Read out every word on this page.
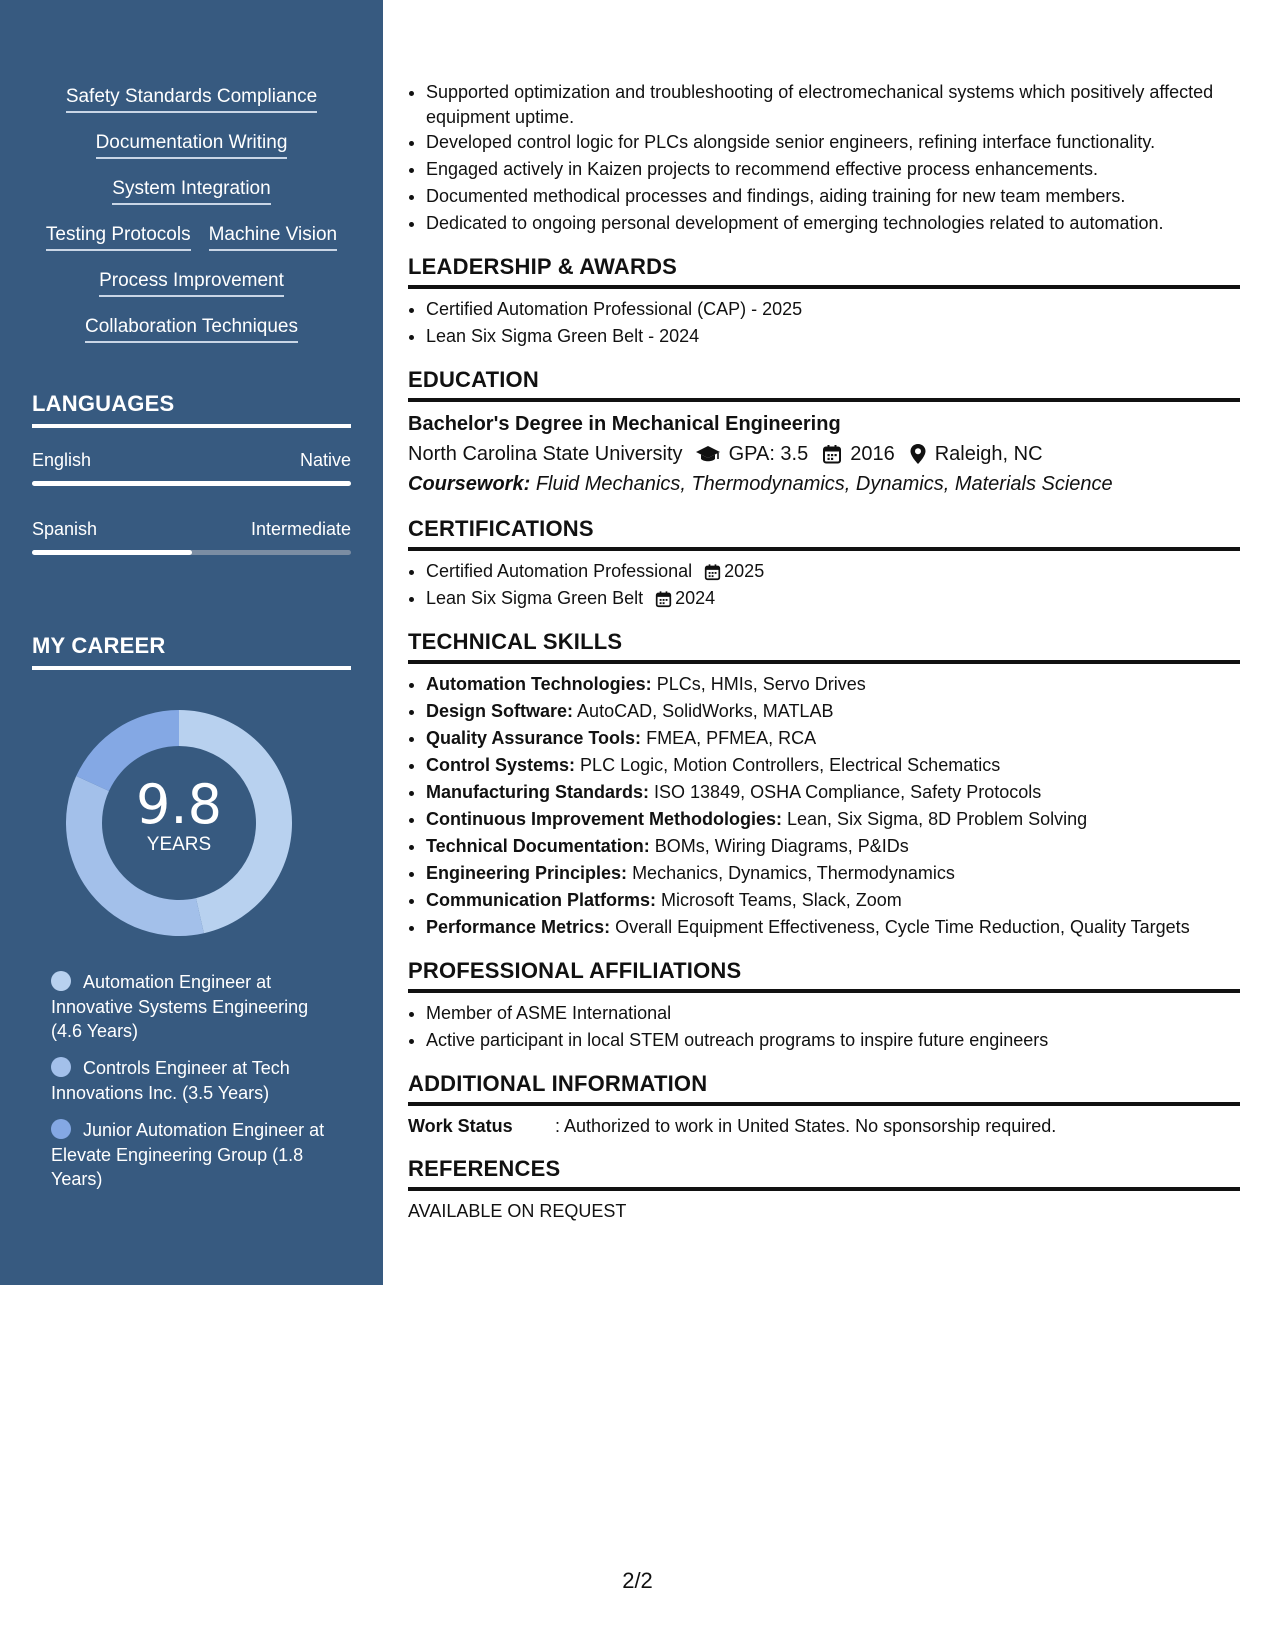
Safety Standards Compliance
Documentation Writing
System Integration
Testing Protocols Machine Vision
Process Improvement
Collaboration Techniques
LANGUAGES
English	Native
Spanish	Intermediate
MY CAREER
9.8
YEARS
Automation Engineer at Innovative Systems Engineering (4.6 Years)
Controls Engineer at Tech Innovations Inc. (3.5 Years)
Junior Automation Engineer at Elevate Engineering Group (1.8 Years)
• Supported optimization and troubleshooting of electromechanical systems which positively affected equipment uptime.
• Developed control logic for PLCs alongside senior engineers, refining interface functionality.
• Engaged actively in Kaizen projects to recommend effective process enhancements.
• Documented methodical processes and findings, aiding training for new team members.
• Dedicated to ongoing personal development of emerging technologies related to automation.
LEADERSHIP & AWARDS
• Certified Automation Professional (CAP) - 2025
• Lean Six Sigma Green Belt - 2024
EDUCATION
Bachelor's Degree in Mechanical Engineering
North Carolina State University GPA: 3.5 2016 Raleigh, NC
Coursework: Fluid Mechanics, Thermodynamics, Dynamics, Materials Science
CERTIFICATIONS
• Certified Automation Professional 2025
• Lean Six Sigma Green Belt 2024
TECHNICAL SKILLS
• Automation Technologies: PLCs, HMIs, Servo Drives
• Design Software: AutoCAD, SolidWorks, MATLAB
• Quality Assurance Tools: FMEA, PFMEA, RCA
• Control Systems: PLC Logic, Motion Controllers, Electrical Schematics
• Manufacturing Standards: ISO 13849, OSHA Compliance, Safety Protocols
• Continuous Improvement Methodologies: Lean, Six Sigma, 8D Problem Solving
• Technical Documentation: BOMs, Wiring Diagrams, P&IDs
• Engineering Principles: Mechanics, Dynamics, Thermodynamics
• Communication Platforms: Microsoft Teams, Slack, Zoom
• Performance Metrics: Overall Equipment Effectiveness, Cycle Time Reduction, Quality Targets
PROFESSIONAL AFFILIATIONS
• Member of ASME International
• Active participant in local STEM outreach programs to inspire future engineers
ADDITIONAL INFORMATION
Work Status	: Authorized to work in United States. No sponsorship required.
REFERENCES
AVAILABLE ON REQUEST
2/2
